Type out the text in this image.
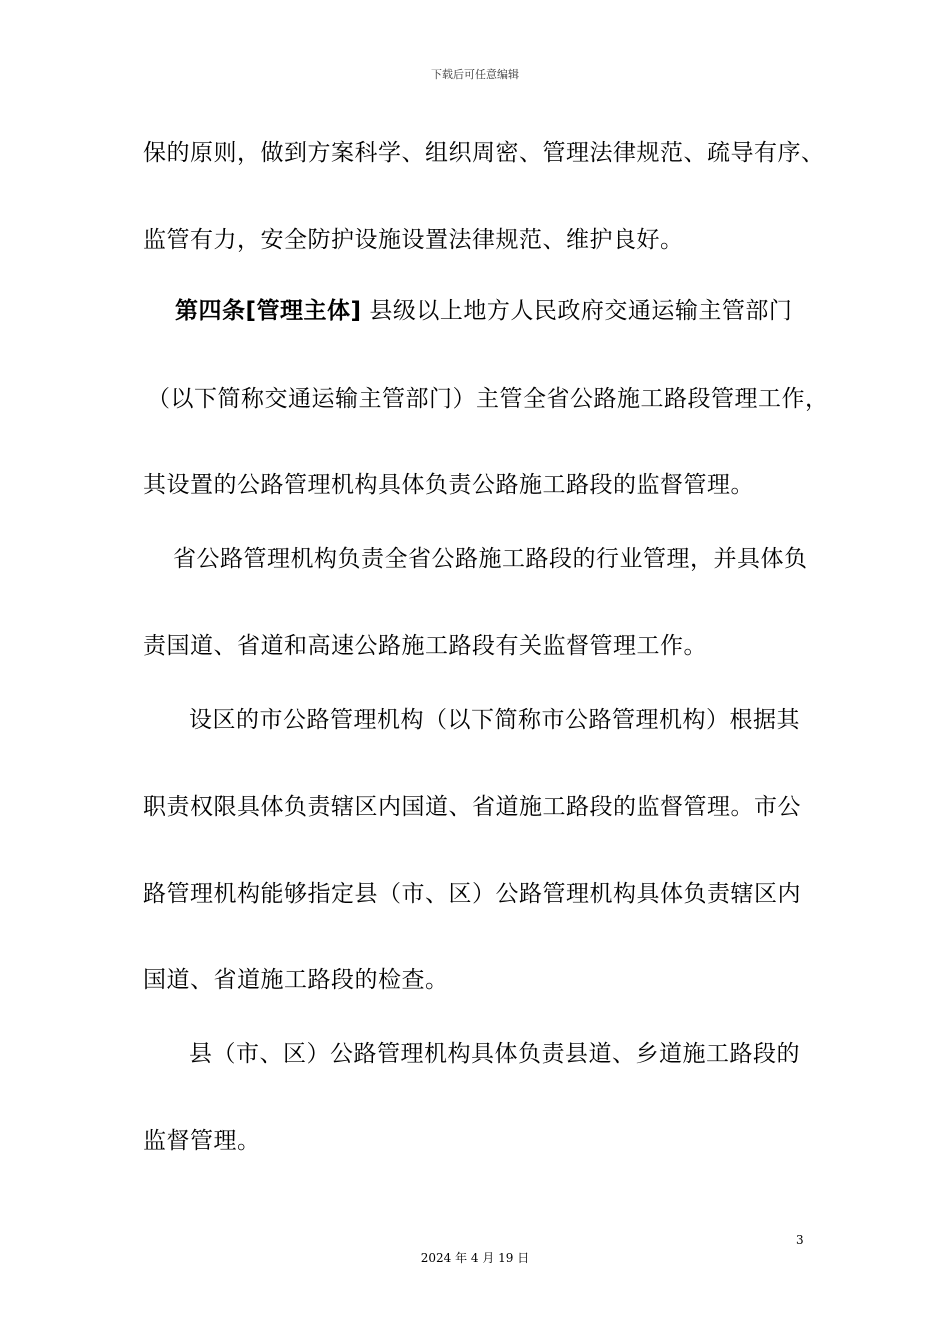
下载后可任意编辑
保的原则，做到方案科学、组织周密、管理法律规范、疏导有序、
监管有力，安全防护设施设置法律规范、维护良好。
第四条[管理主体] 县级以上地方人民政府交通运输主管部门
（以下简称交通运输主管部门）主管全省公路施工路段管理工作，
其设置的公路管理机构具体负责公路施工路段的监督管理。
省公路管理机构负责全省公路施工路段的行业管理，并具体负
责国道、省道和高速公路施工路段有关监督管理工作。
设区的市公路管理机构（以下简称市公路管理机构）根据其
职责权限具体负责辖区内国道、省道施工路段的监督管理。市公
路管理机构能够指定县（市、区）公路管理机构具体负责辖区内
国道、省道施工路段的检查。
县（市、区）公路管理机构具体负责县道、乡道施工路段的
监督管理。
3
2024 年 4 月 19 日
